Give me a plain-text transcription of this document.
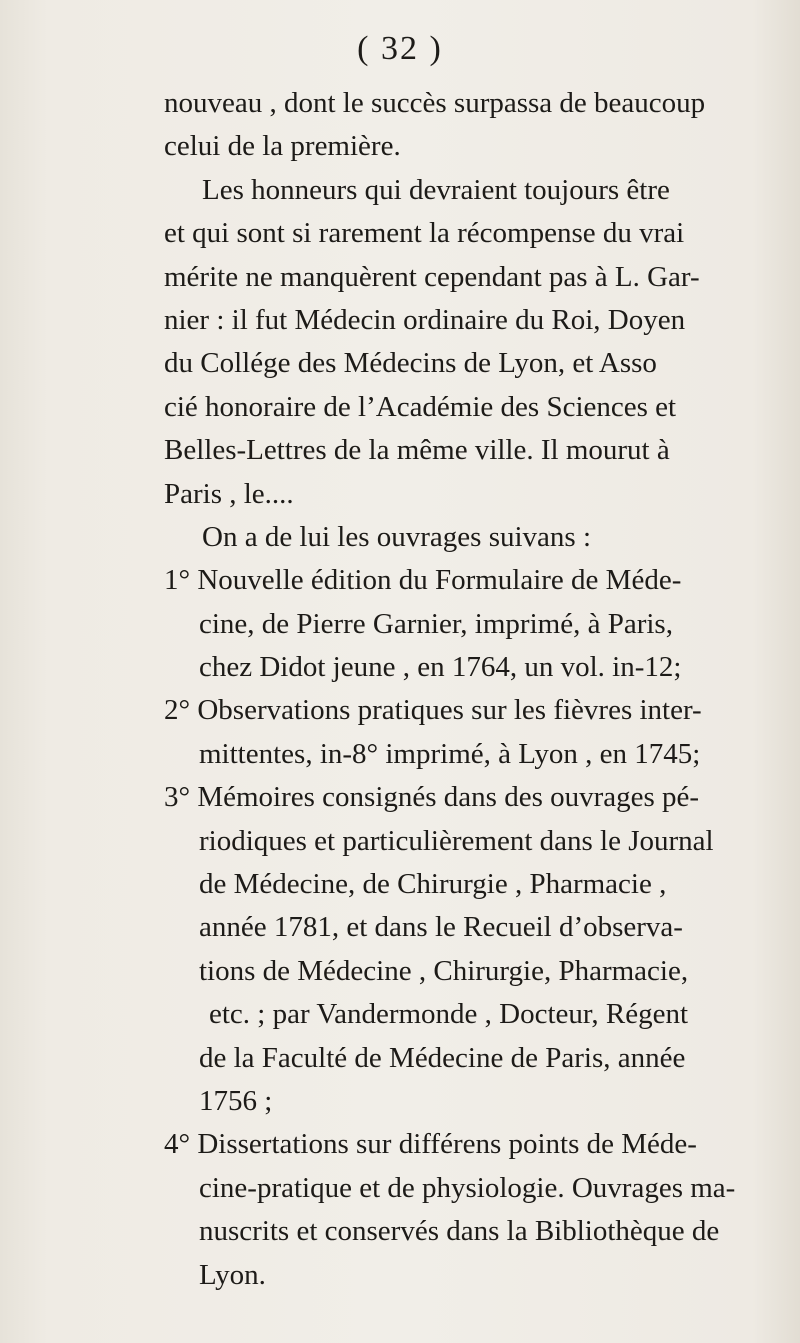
( 32 )
nouveau , dont le succès surpassa de beaucoup
celui de la première.
Les honneurs qui devraient toujours être
et qui sont si rarement la récompense du vrai
mérite ne manquèrent cependant pas à L. Gar-
nier : il fut Médecin ordinaire du Roi, Doyen
du Collége des Médecins de Lyon, et Asso
cié honoraire de l’Académie des Sciences et
Belles-Lettres de la même ville. Il mourut à
Paris , le....
On a de lui les ouvrages suivans :
1° Nouvelle édition du Formulaire de Méde-
cine, de Pierre Garnier, imprimé, à Paris,
chez Didot jeune , en 1764, un vol. in-12;
2° Observations pratiques sur les fièvres inter-
mittentes, in-8° imprimé, à Lyon , en 1745;
3° Mémoires consignés dans des ouvrages pé-
riodiques et particulièrement dans le Journal
de Médecine, de Chirurgie , Pharmacie ,
année 1781, et dans le Recueil d’observa-
tions de Médecine , Chirurgie, Pharmacie,
etc. ; par Vandermonde , Docteur, Régent
de la Faculté de Médecine de Paris, année
1756 ;
4° Dissertations sur différens points de Méde-
cine-pratique et de physiologie. Ouvrages ma-
nuscrits et conservés dans la Bibliothèque de
Lyon.
